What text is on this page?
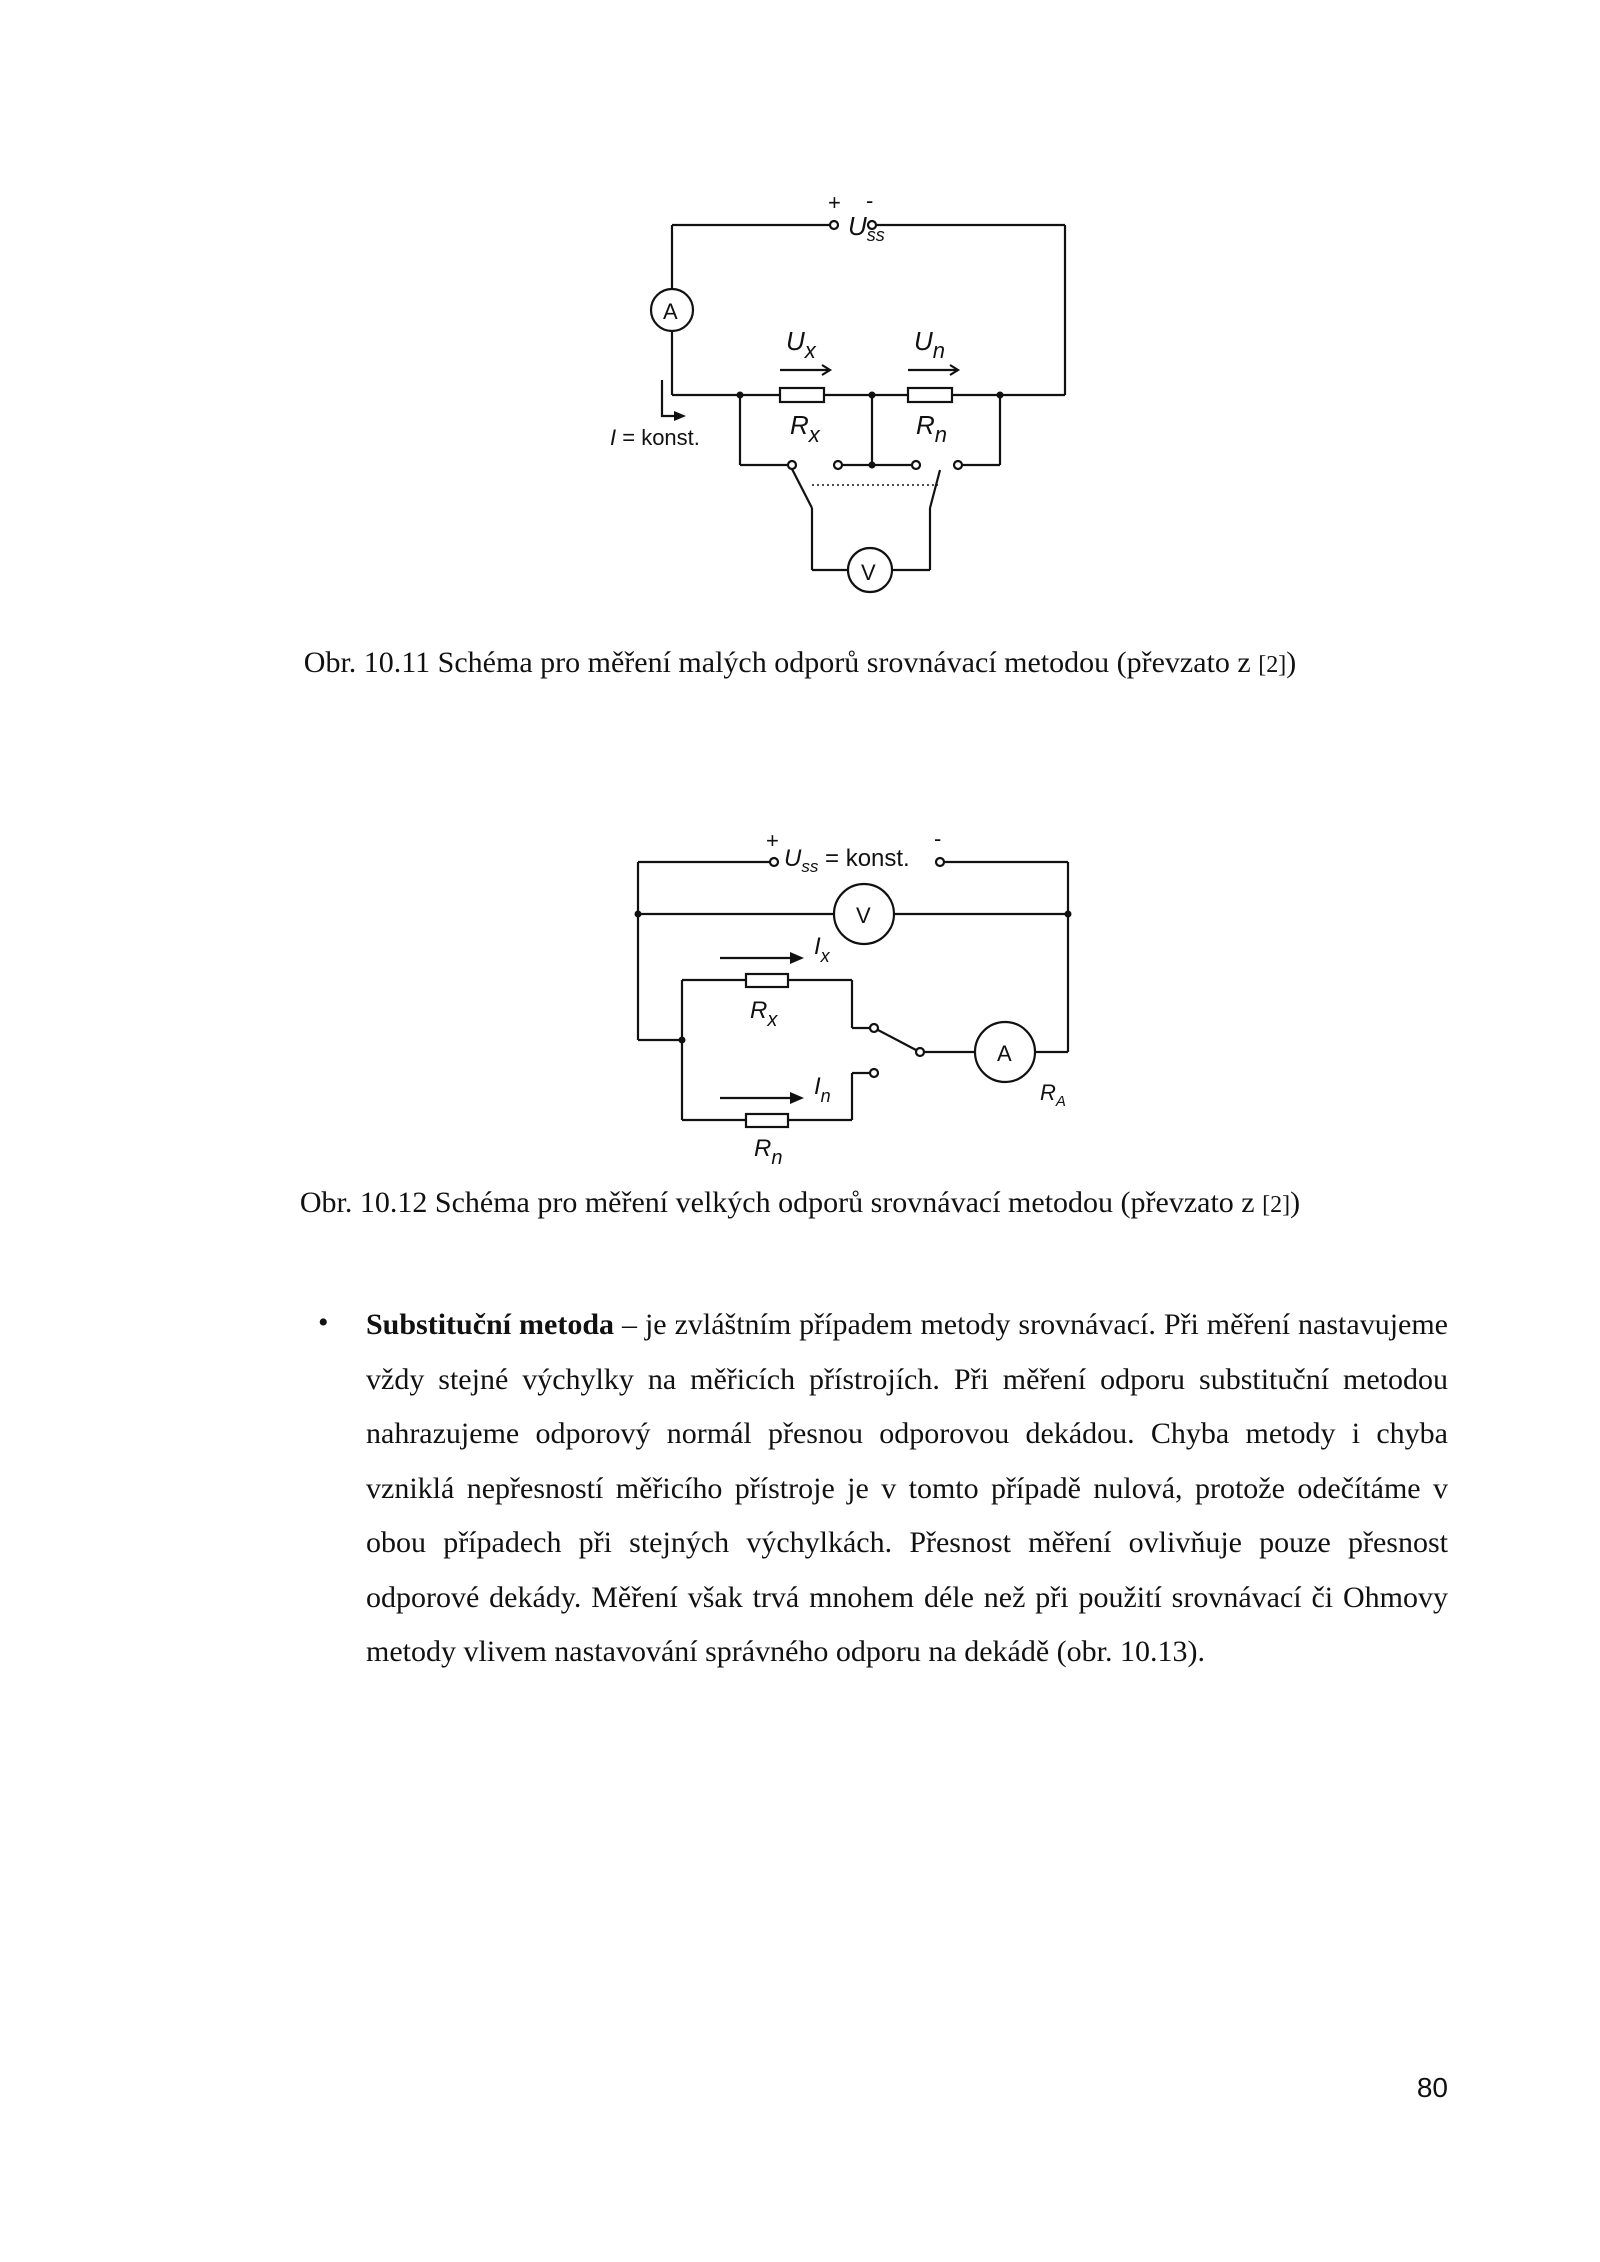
+ -
$U_{ss}$
A
V
$U_x$	$U_n$
$R_x$	$R_n$
I = konst.
Obr. 10.11 Schéma pro měření malých odporů srovnávací metodou (převzato z [2])
+	-
$U_{ss}$ = konst.
V
A
$I_x$
$I_n$
$R_x$
$R_n$
$R_A$
Obr. 10.12 Schéma pro měření velkých odporů srovnávací metodou (převzato z [2])
• Substituční metoda – je zvláštním případem metody srovnávací. Při měření nastavujeme vždy stejné výchylky na měřicích přístrojích. Při měření odporu substituční metodou nahrazujeme odporový normál přesnou odporovou dekádou. Chyba metody i chyba vzniklá nepřesností měřicího přístroje je v tomto případě nulová, protože odečítáme v obou případech při stejných výchylkách. Přesnost měření ovlivňuje pouze přesnost odporové dekády. Měření však trvá mnohem déle než při použití srovnávací či Ohmovy metody vlivem nastavování správného odporu na dekádě (obr. 10.13).

80
